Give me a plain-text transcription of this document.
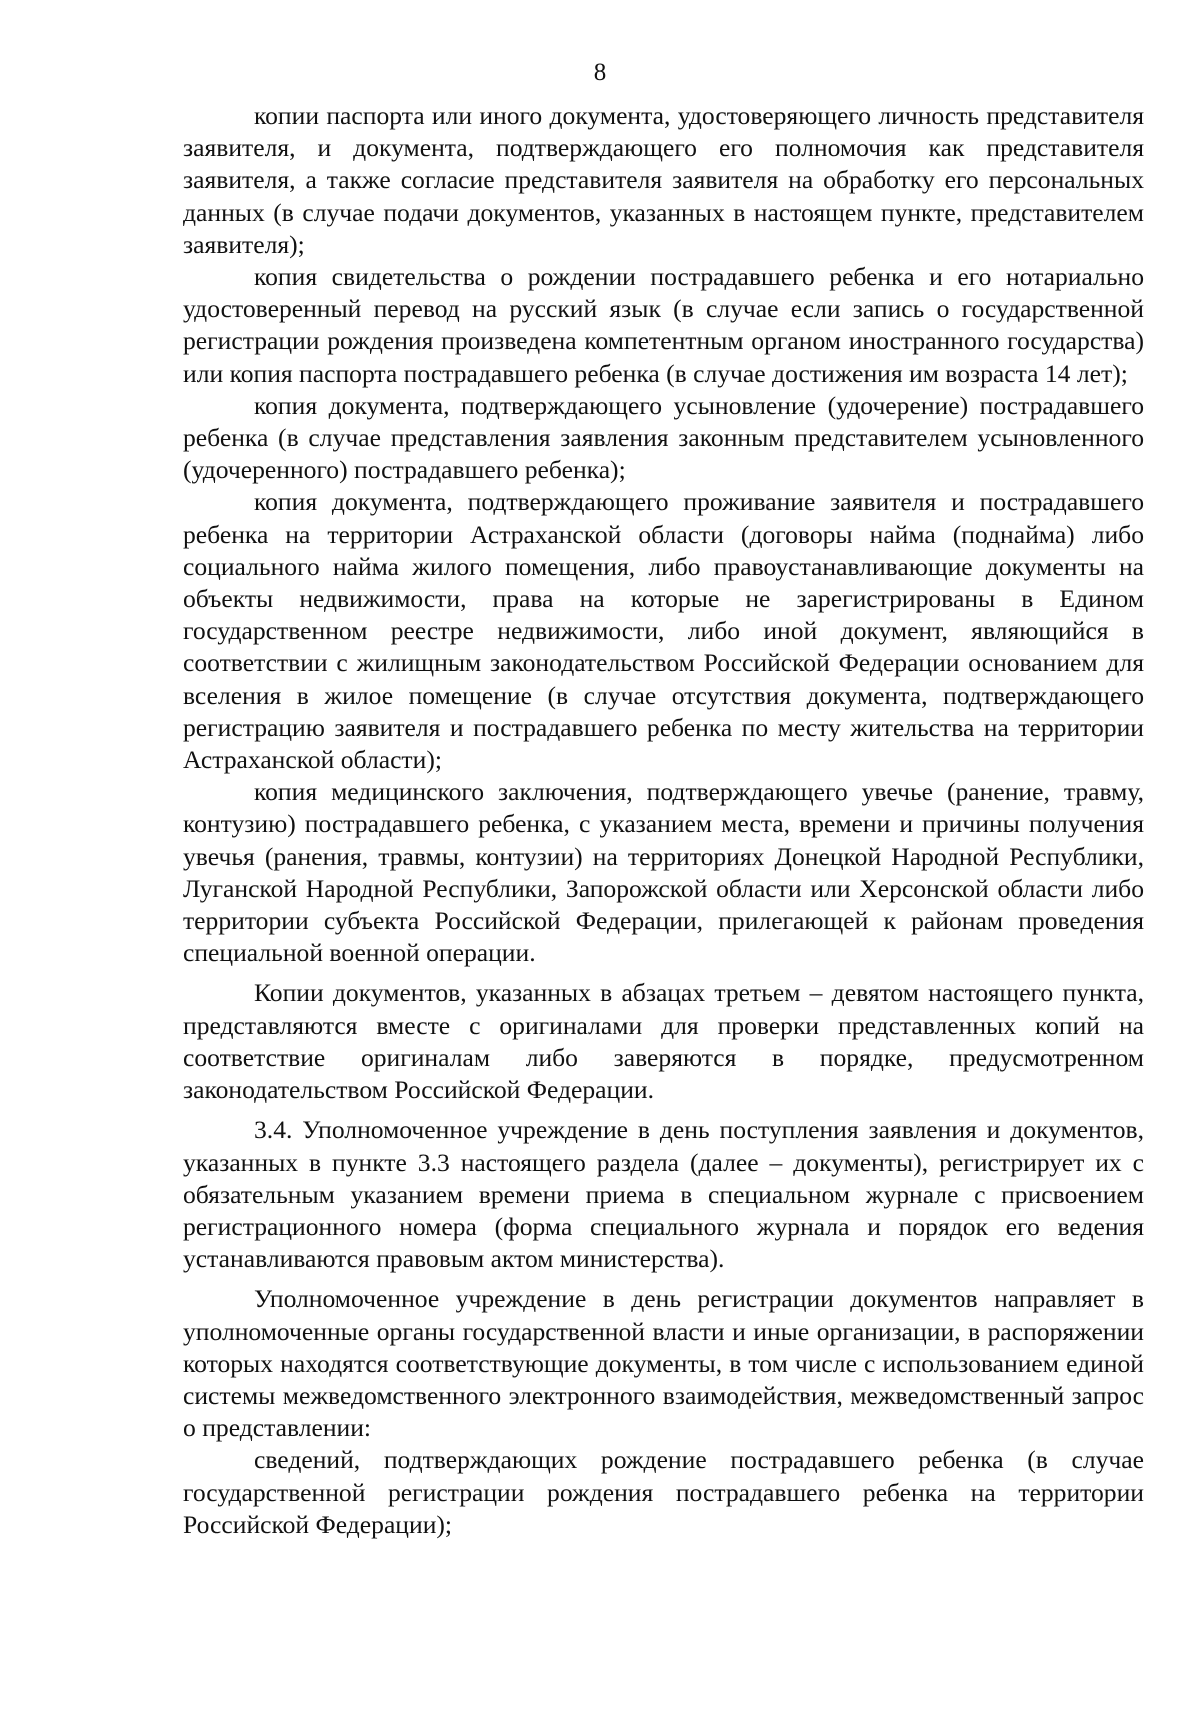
8

копии паспорта или иного документа, удостоверяющего личность представителя заявителя, и документа, подтверждающего его полномочия как представителя заявителя, а также согласие представителя заявителя на обработку его персональных данных (в случае подачи документов, указанных в настоящем пункте, представителем заявителя);

копия свидетельства о рождении пострадавшего ребенка и его нотариально удостоверенный перевод на русский язык (в случае если запись о государственной регистрации рождения произведена компетентным органом иностранного государства) или копия паспорта пострадавшего ребенка (в случае достижения им возраста 14 лет);

копия документа, подтверждающего усыновление (удочерение) пострадавшего ребенка (в случае представления заявления законным представителем усыновленного (удочеренного) пострадавшего ребенка);

копия документа, подтверждающего проживание заявителя и пострадавшего ребенка на территории Астраханской области (договоры найма (поднайма) либо социального найма жилого помещения, либо правоустанавливающие документы на объекты недвижимости, права на которые не зарегистрированы в Едином государственном реестре недвижимости, либо иной документ, являющийся в соответствии с жилищным законодательством Российской Федерации основанием для вселения в жилое помещение (в случае отсутствия документа, подтверждающего регистрацию заявителя и пострадавшего ребенка по месту жительства на территории Астраханской области);

копия медицинского заключения, подтверждающего увечье (ранение, травму, контузию) пострадавшего ребенка, с указанием места, времени и причины получения увечья (ранения, травмы, контузии) на территориях Донецкой Народной Республики, Луганской Народной Республики, Запорожской области или Херсонской области либо территории субъекта Российской Федерации, прилегающей к районам проведения специальной военной операции.

Копии документов, указанных в абзацах третьем – девятом настоящего пункта, представляются вместе с оригиналами для проверки представленных копий на соответствие оригиналам либо заверяются в порядке, предусмотренном законодательством Российской Федерации.

3.4. Уполномоченное учреждение в день поступления заявления и документов, указанных в пункте 3.3 настоящего раздела (далее – документы), регистрирует их с обязательным указанием времени приема в специальном журнале с присвоением регистрационного номера (форма специального журнала и порядок его ведения устанавливаются правовым актом министерства).

Уполномоченное учреждение в день регистрации документов направляет в уполномоченные органы государственной власти и иные организации, в распоряжении которых находятся соответствующие документы, в том числе с использованием единой системы межведомственного электронного взаимодействия, межведомственный запрос о представлении:

сведений, подтверждающих рождение пострадавшего ребенка (в случае государственной регистрации рождения пострадавшего ребенка на территории Российской Федерации);
